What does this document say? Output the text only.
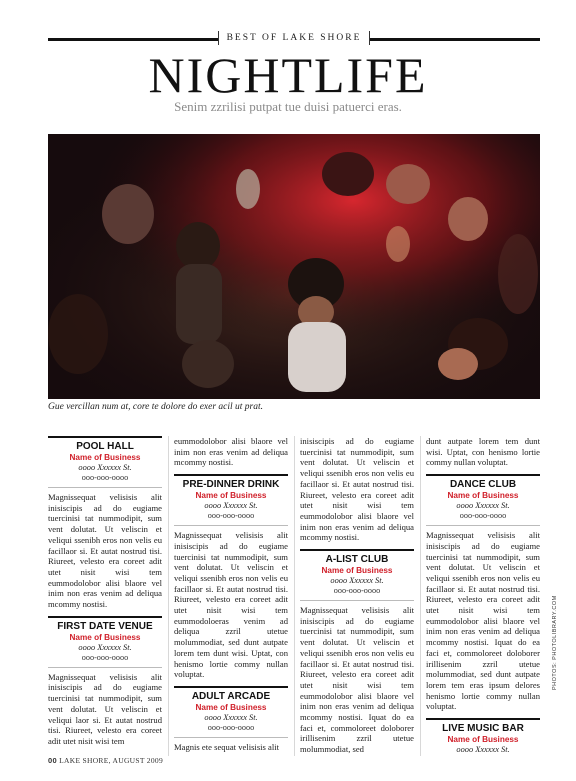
BEST OF LAKE SHORE
NIGHTLIFE
Senim zzrilisi putpat tue duisi patuerci eras.
Gue vercillan num at, core te dolore do exer acil ut prat.
POOL HALL
Name of Business
oooo Xxxxxx St.
ooo-ooo-oooo

Magnissequat velisisis alit inisiscipis ad do eugiame tuercinisi tat nummodipit, sum vent dolutat. Ut veliscin et veliqui ssenibh eros non velis eu facillaor si. Et autat nostrud tisi. Riureet, velesto era coreet adit utet nisit wisi tem eummodolobor alisi blaore vel inim non eras venim ad deliqua mcommy nostisi.

FIRST DATE VENUE
Name of Business
oooo Xxxxxx St.
ooo-ooo-oooo

Magnissequat velisisis alit inisiscipis ad do eugiame tuercinisi tat nummodipit, sum vent dolutat. Ut veliscin et veliqui laor si. Et autat nostrud tisi. Riureet, velesto era coreet adit utet nisit wisi tem

eummodolobor alisi blaore vel inim non eras venim ad deliqua mcommy nostisi.

PRE-DINNER DRINK
Name of Business
oooo Xxxxxx St.
ooo-ooo-oooo

Magnissequat velisisis alit inisiscipis ad do eugiame tuercinisi tat nummodipit, sum vent dolutat. Ut veliscin et veliqui ssenibh eros non velis eu facillaor si. Et autat nostrud tisi. Riureet, velesto era coreet adit utet nisit wisi tem eummodoloeras venim ad deliqua zzril utetue molummodiat, sed dunt autpate lorem tem dunt wisi. Uptat, con henismo lortie commy nullan voluptat.

ADULT ARCADE
Name of Business
oooo Xxxxxx St.
ooo-ooo-oooo

Magnis ete sequat velisisis alit

inisiscipis ad do eugiame tuercinisi tat nummodipit, sum vent dolutat. Ut veliscin et veliqui ssenibh eros non velis eu facillaor si. Et autat nostrud tisi. Riureet, velesto era coreet adit utet nisit wisi tem eummodolobor alisi blaore vel inim non eras venim ad deliqua mcommy nostisi.

A-LIST CLUB
Name of Business
oooo Xxxxxx St.
ooo-ooo-oooo

Magnissequat velisisis alit inisiscipis ad do eugiame tuercinisi tat nummodipit, sum vent dolutat. Ut veliscin et veliqui ssenibh eros non velis eu facillaor si. Et autat nostrud tisi. Riureet, velesto era coreet adit utet nisit wisi tem eummodolobor alisi blaore vel inim non eras venim ad deliqua mcommy nostisi. Iquat do ea faci et, commoloreet doloborer irillisenim zzril utetue molummodiat, sed

dunt autpate lorem tem dunt wisi. Uptat, con henismo lortie commy nullan voluptat.

DANCE CLUB
Name of Business
oooo Xxxxxx St.
ooo-ooo-oooo

Magnissequat velisisis alit inisiscipis ad do eugiame tuercinisi tat nummodipit, sum vent dolutat. Ut veliscin et veliqui ssenibh eros non velis eu facillaor si. Et autat nostrud tisi. Riureet, velesto era coreet adit utet nisit wisi tem eummodolobor alisi blaore vel inim non eras venim ad deliqua mcommy nostisi. Iquat do ea faci et, commoloreet doloborer irillisenim zzril utetue molummodiat, sed dunt autpate lorem tem eras ipsum delores henismo lortie commy nullan voluptat.

LIVE MUSIC BAR
Name of Business
oooo Xxxxxx St.
PHOTOS: PHOTOLIBRARY.COM
00 LAKE SHORE, AUGUST 2009
